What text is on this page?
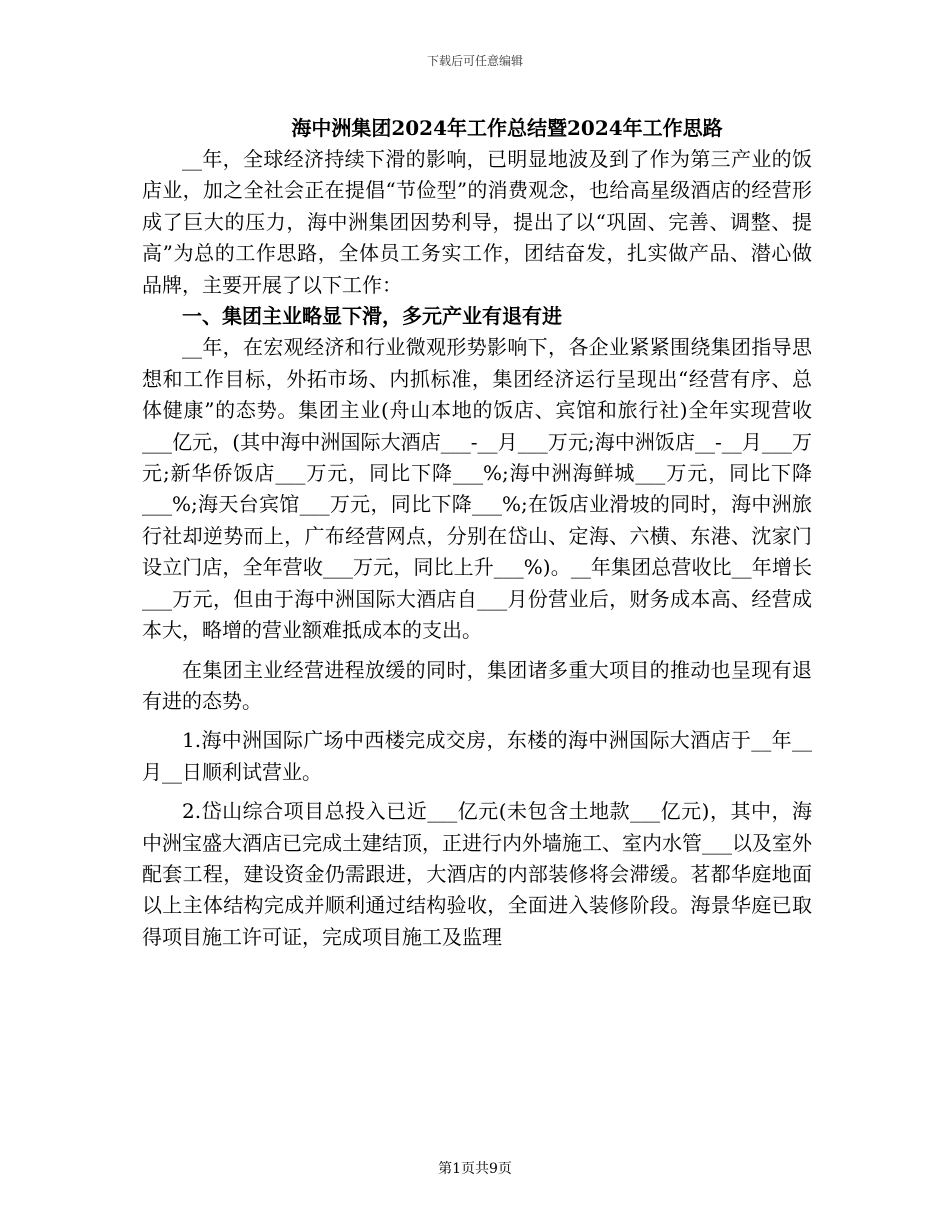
下载后可任意编辑
海中洲集团2024年工作总结暨2024年工作思路

__年，全球经济持续下滑的影响，已明显地波及到了作为第三产业的饭店业，加之全社会正在提倡“节俭型”的消费观念，也给高星级酒店的经营形成了巨大的压力，海中洲集团因势利导，提出了以“巩固、完善、调整、提高”为总的工作思路，全体员工务实工作，团结奋发，扎实做产品、潜心做品牌，主要开展了以下工作：

一、集团主业略显下滑，多元产业有退有进

__年，在宏观经济和行业微观形势影响下，各企业紧紧围绕集团指导思想和工作目标，外拓市场、内抓标准，集团经济运行呈现出“经营有序、总体健康”的态势。集团主业(舟山本地的饭店、宾馆和旅行社)全年实现营收___亿元，(其中海中洲国际大酒店___-__月___万元;海中洲饭店__-__月___万元;新华侨饭店___万元，同比下降___%;海中洲海鲜城___万元，同比下降___%;海天台宾馆___万元，同比下降___%;在饭店业滑坡的同时，海中洲旅行社却逆势而上，广布经营网点，分别在岱山、定海、六横、东港、沈家门设立门店，全年营收___万元，同比上升___%)。__年集团总营收比__年增长___万元，但由于海中洲国际大酒店自___月份营业后，财务成本高、经营成本大，略增的营业额难抵成本的支出。

在集团主业经营进程放缓的同时，集团诸多重大项目的推动也呈现有退有进的态势。

1.海中洲国际广场中西楼完成交房，东楼的海中洲国际大酒店于__年__月__日顺利试营业。

2.岱山综合项目总投入已近___亿元(未包含土地款___亿元)，其中，海中洲宝盛大酒店已完成土建结顶，正进行内外墙施工、室内水管___以及室外配套工程，建设资金仍需跟进，大酒店的内部装修将会滞缓。茗都华庭地面以上主体结构完成并顺利通过结构验收，全面进入装修阶段。海景华庭已取得项目施工许可证，完成项目施工及监理

第1页共9页
